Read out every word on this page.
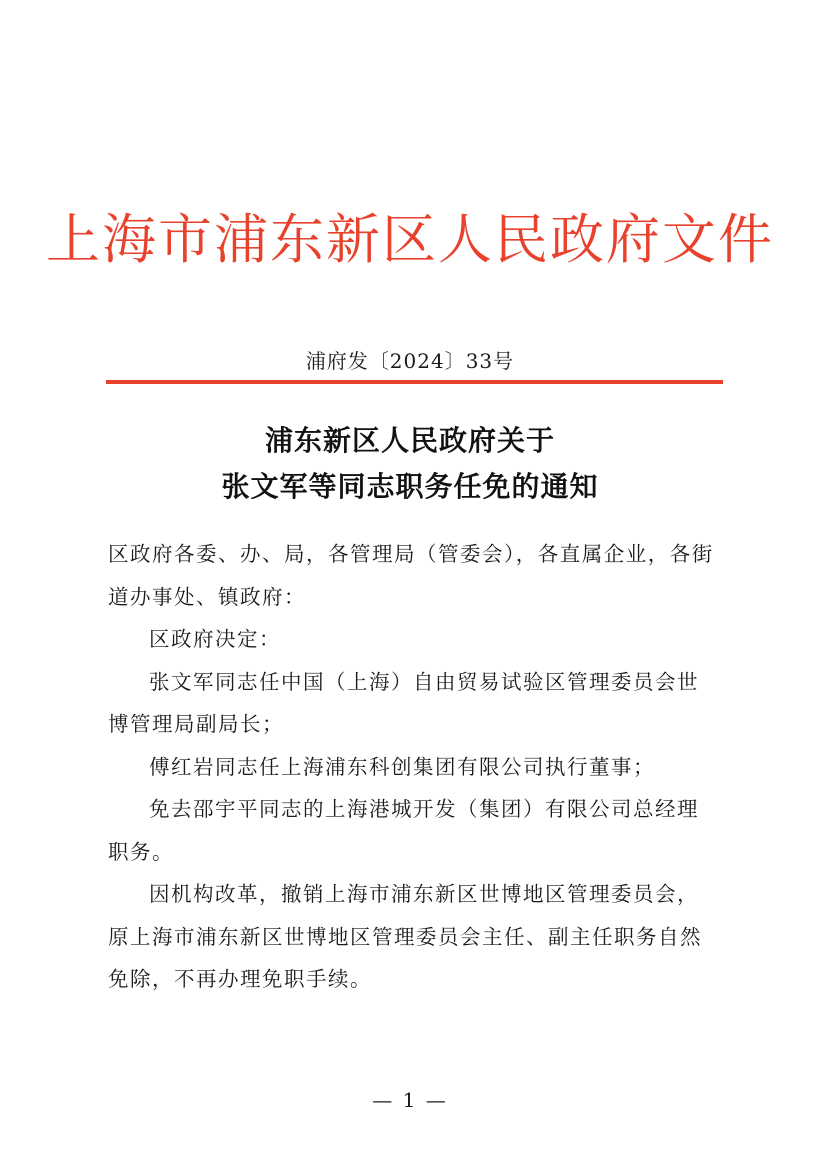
上海市浦东新区人民政府文件
浦府发〔2024〕33号
浦东新区人民政府关于
张文军等同志职务任免的通知

区政府各委、办、局，各管理局（管委会），各直属企业，各街道办事处、镇政府：

区政府决定：

张文军同志任中国（上海）自由贸易试验区管理委员会世博管理局副局长；

傅红岩同志任上海浦东科创集团有限公司执行董事；

免去邵宇平同志的上海港城开发（集团）有限公司总经理职务。

因机构改革，撤销上海市浦东新区世博地区管理委员会，原上海市浦东新区世博地区管理委员会主任、副主任职务自然免除，不再办理免职手续。

— 1 —
